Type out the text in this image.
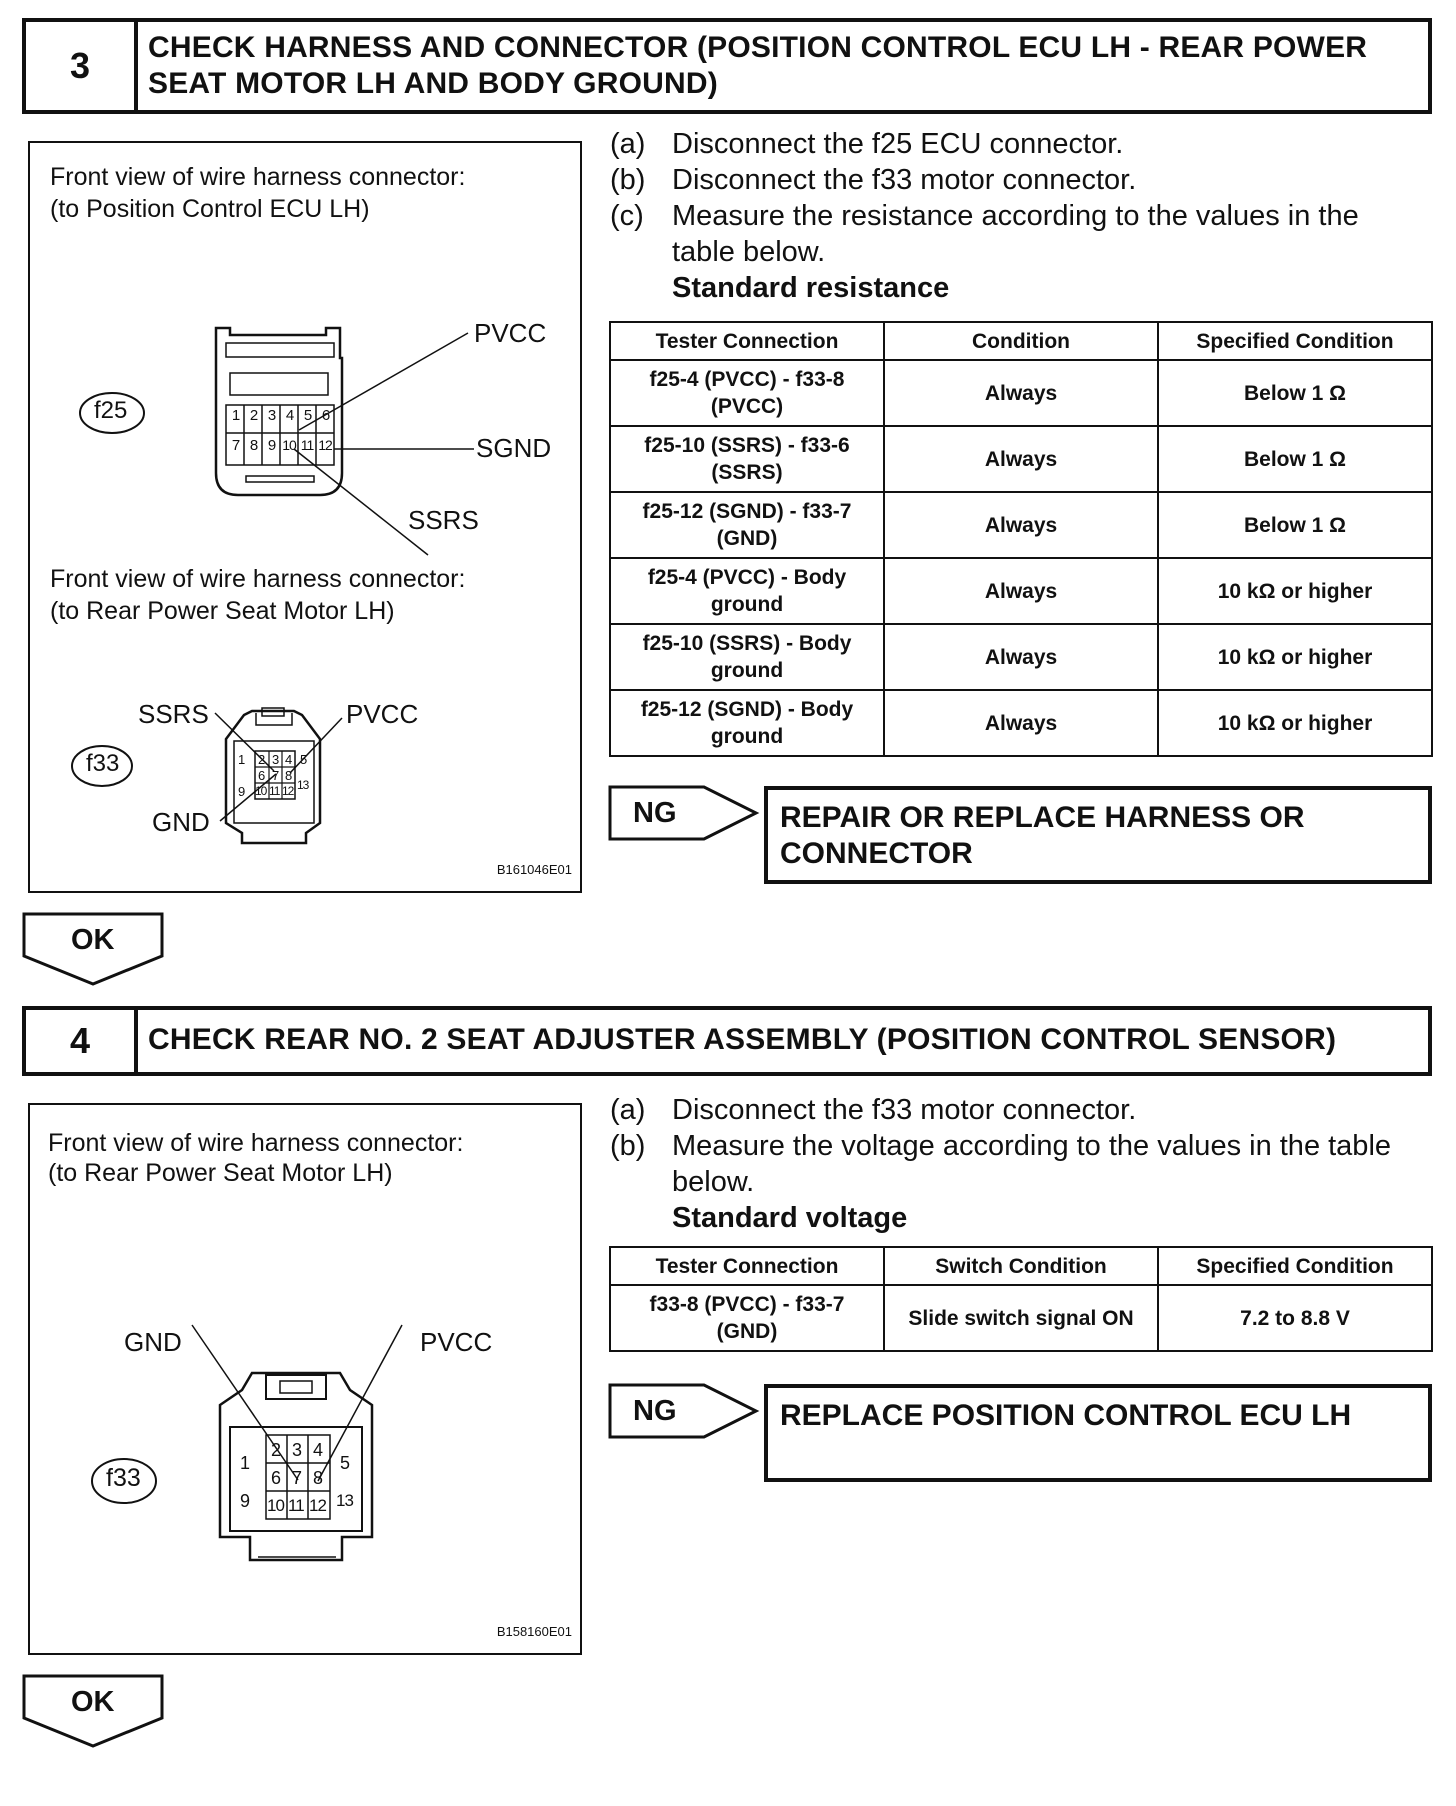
3	CHECK HARNESS AND CONNECTOR (POSITION CONTROL ECU LH - REAR POWER SEAT MOTOR LH AND BODY GROUND)
Front view of wire harness connector:
(to Position Control ECU LH)
f25
PVCC
SGND
SSRS
1 2 3 4 5 6
7 8 9 10 11 12
Front view of wire harness connector:
(to Rear Power Seat Motor LH)
f33
SSRS	PVCC
GND
1 2 3 4 5
6 7 8
9 10 11 12 13
B161046E01
(a) Disconnect the f25 ECU connector.
(b) Disconnect the f33 motor connector.
(c) Measure the resistance according to the values in the table below.
Standard resistance
Tester Connection	Condition	Specified Condition
f25-4 (PVCC) - f33-8 (PVCC)	Always	Below 1 Ω
f25-10 (SSRS) - f33-6 (SSRS)	Always	Below 1 Ω
f25-12 (SGND) - f33-7 (GND)	Always	Below 1 Ω
f25-4 (PVCC) - Body ground	Always	10 kΩ or higher
f25-10 (SSRS) - Body ground	Always	10 kΩ or higher
f25-12 (SGND) - Body ground	Always	10 kΩ or higher
NG	REPAIR OR REPLACE HARNESS OR CONNECTOR
OK
4	CHECK REAR NO. 2 SEAT ADJUSTER ASSEMBLY (POSITION CONTROL SENSOR)
Front view of wire harness connector:
(to Rear Power Seat Motor LH)
f33
GND	PVCC
1
2 3 4
5
6 7 8
9 10 11 12 13
B158160E01
(a) Disconnect the f33 motor connector.
(b) Measure the voltage according to the values in the table below.
Standard voltage
Tester Connection	Switch Condition	Specified Condition
f33-8 (PVCC) - f33-7 (GND)	Slide switch signal ON	7.2 to 8.8 V
NG	REPLACE POSITION CONTROL ECU LH
OK
